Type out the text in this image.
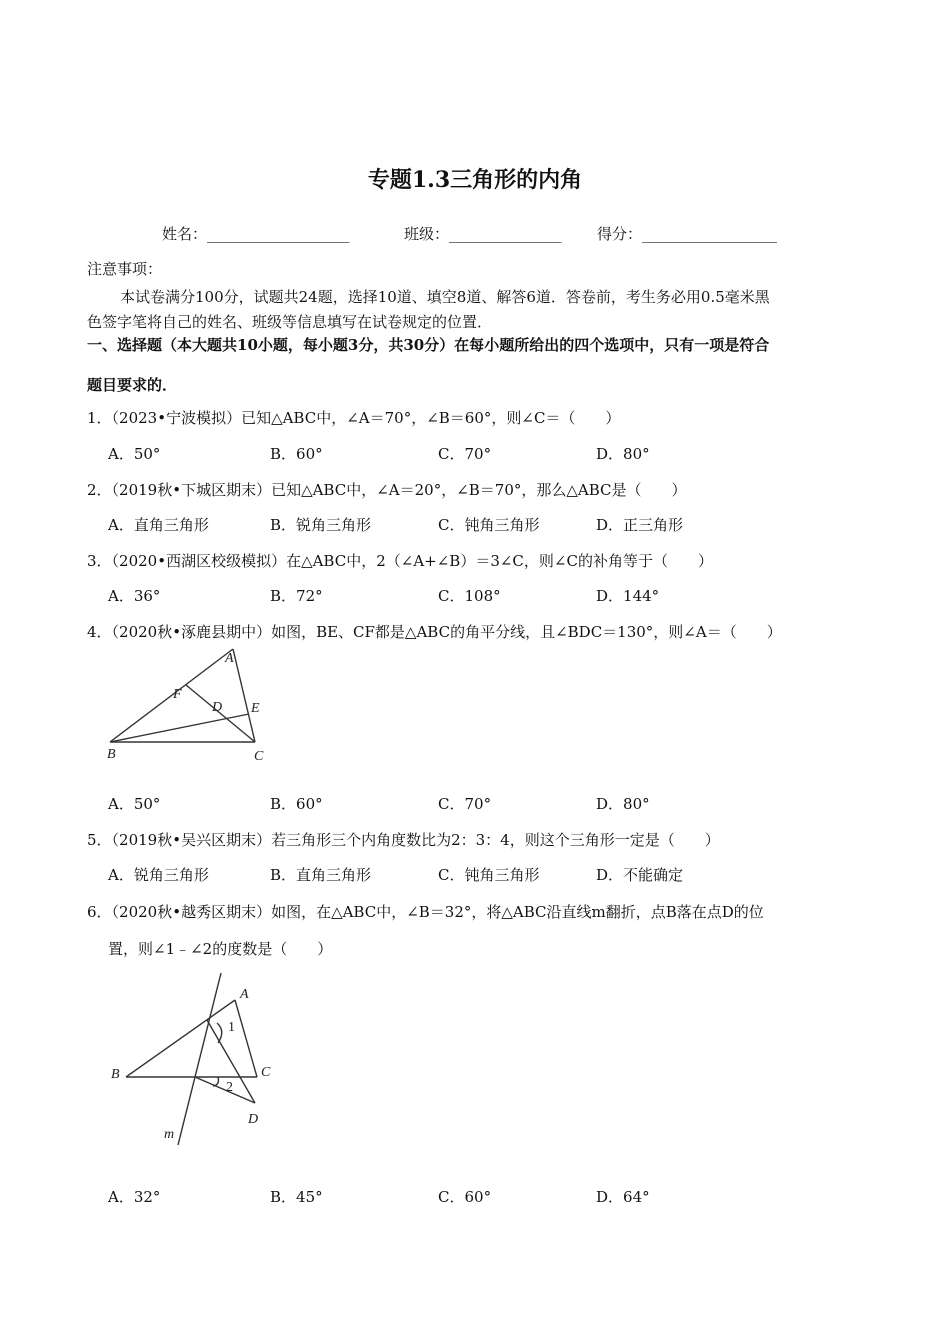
专题1.3三角形的内角
姓名：___________________	班级：_______________ 得分：__________________
注意事项：
本试卷满分100分，试题共24题，选择10道、填空8道、解答6道．答卷前，考生务必用0.5毫米黑
色签字笔将自己的姓名、班级等信息填写在试卷规定的位置．
一、选择题（本大题共10小题，每小题3分，共30分）在每小题所给出的四个选项中，只有一项是符合
题目要求的．
1．（2023•宁波模拟）已知△ABC中，∠A＝70°，∠B＝60°，则∠C＝（　　）
A．50°	B．60°	C．70°	D．80°
2．（2019秋•下城区期末）已知△ABC中，∠A＝20°，∠B＝70°，那么△ABC是（　　）
A．直角三角形	B．锐角三角形	C．钝角三角形	D．正三角形
3．（2020•西湖区校级模拟）在△ABC中，2（∠A+∠B）＝3∠C，则∠C的补角等于（　　）
A．36°	B．72°	C．108°	D．144°
4．（2020秋•涿鹿县期中）如图，BE、CF都是△ABC的角平分线，且∠BDC＝130°，则∠A＝（　　）
A
F
D E
B	C
A．50°	B．60°	C．70°	D．80°
5．（2019秋•吴兴区期末）若三角形三个内角度数比为2：3：4，则这个三角形一定是（　　）
A．锐角三角形	B．直角三角形	C．钝角三角形	D．不能确定
6．（2020秋•越秀区期末）如图，在△ABC中，∠B＝32°，将△ABC沿直线m翻折，点B落在点D的位
置，则∠1﹣∠2的度数是（　　）
A
1
B	C
2
D
m
A．32°	B．45°	C．60°	D．64°
